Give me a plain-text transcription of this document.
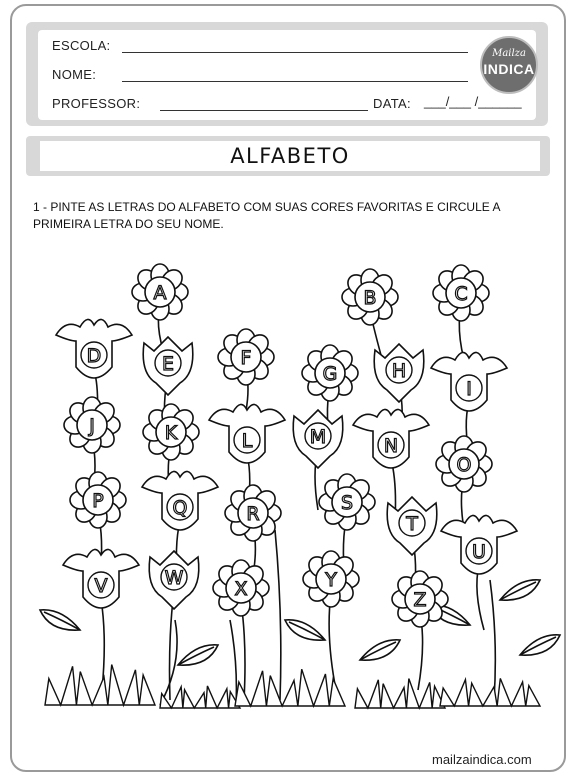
ESCOLA:
NOME:
PROFESSOR:	DATA: ___/___ /______
Mailza
INDICA
ALFABETO
1 - PINTE AS LETRAS DO ALFABETO COM SUAS CORES FAVORITAS E CIRCULE A PRIMEIRA LETRA DO SEU NOME.
A	B	C
D	E	F
G	H
I
J	K	L	M	N
O
P	Q	R	S
T
U
V	W	X	Y
Z
mailzaindica.com
